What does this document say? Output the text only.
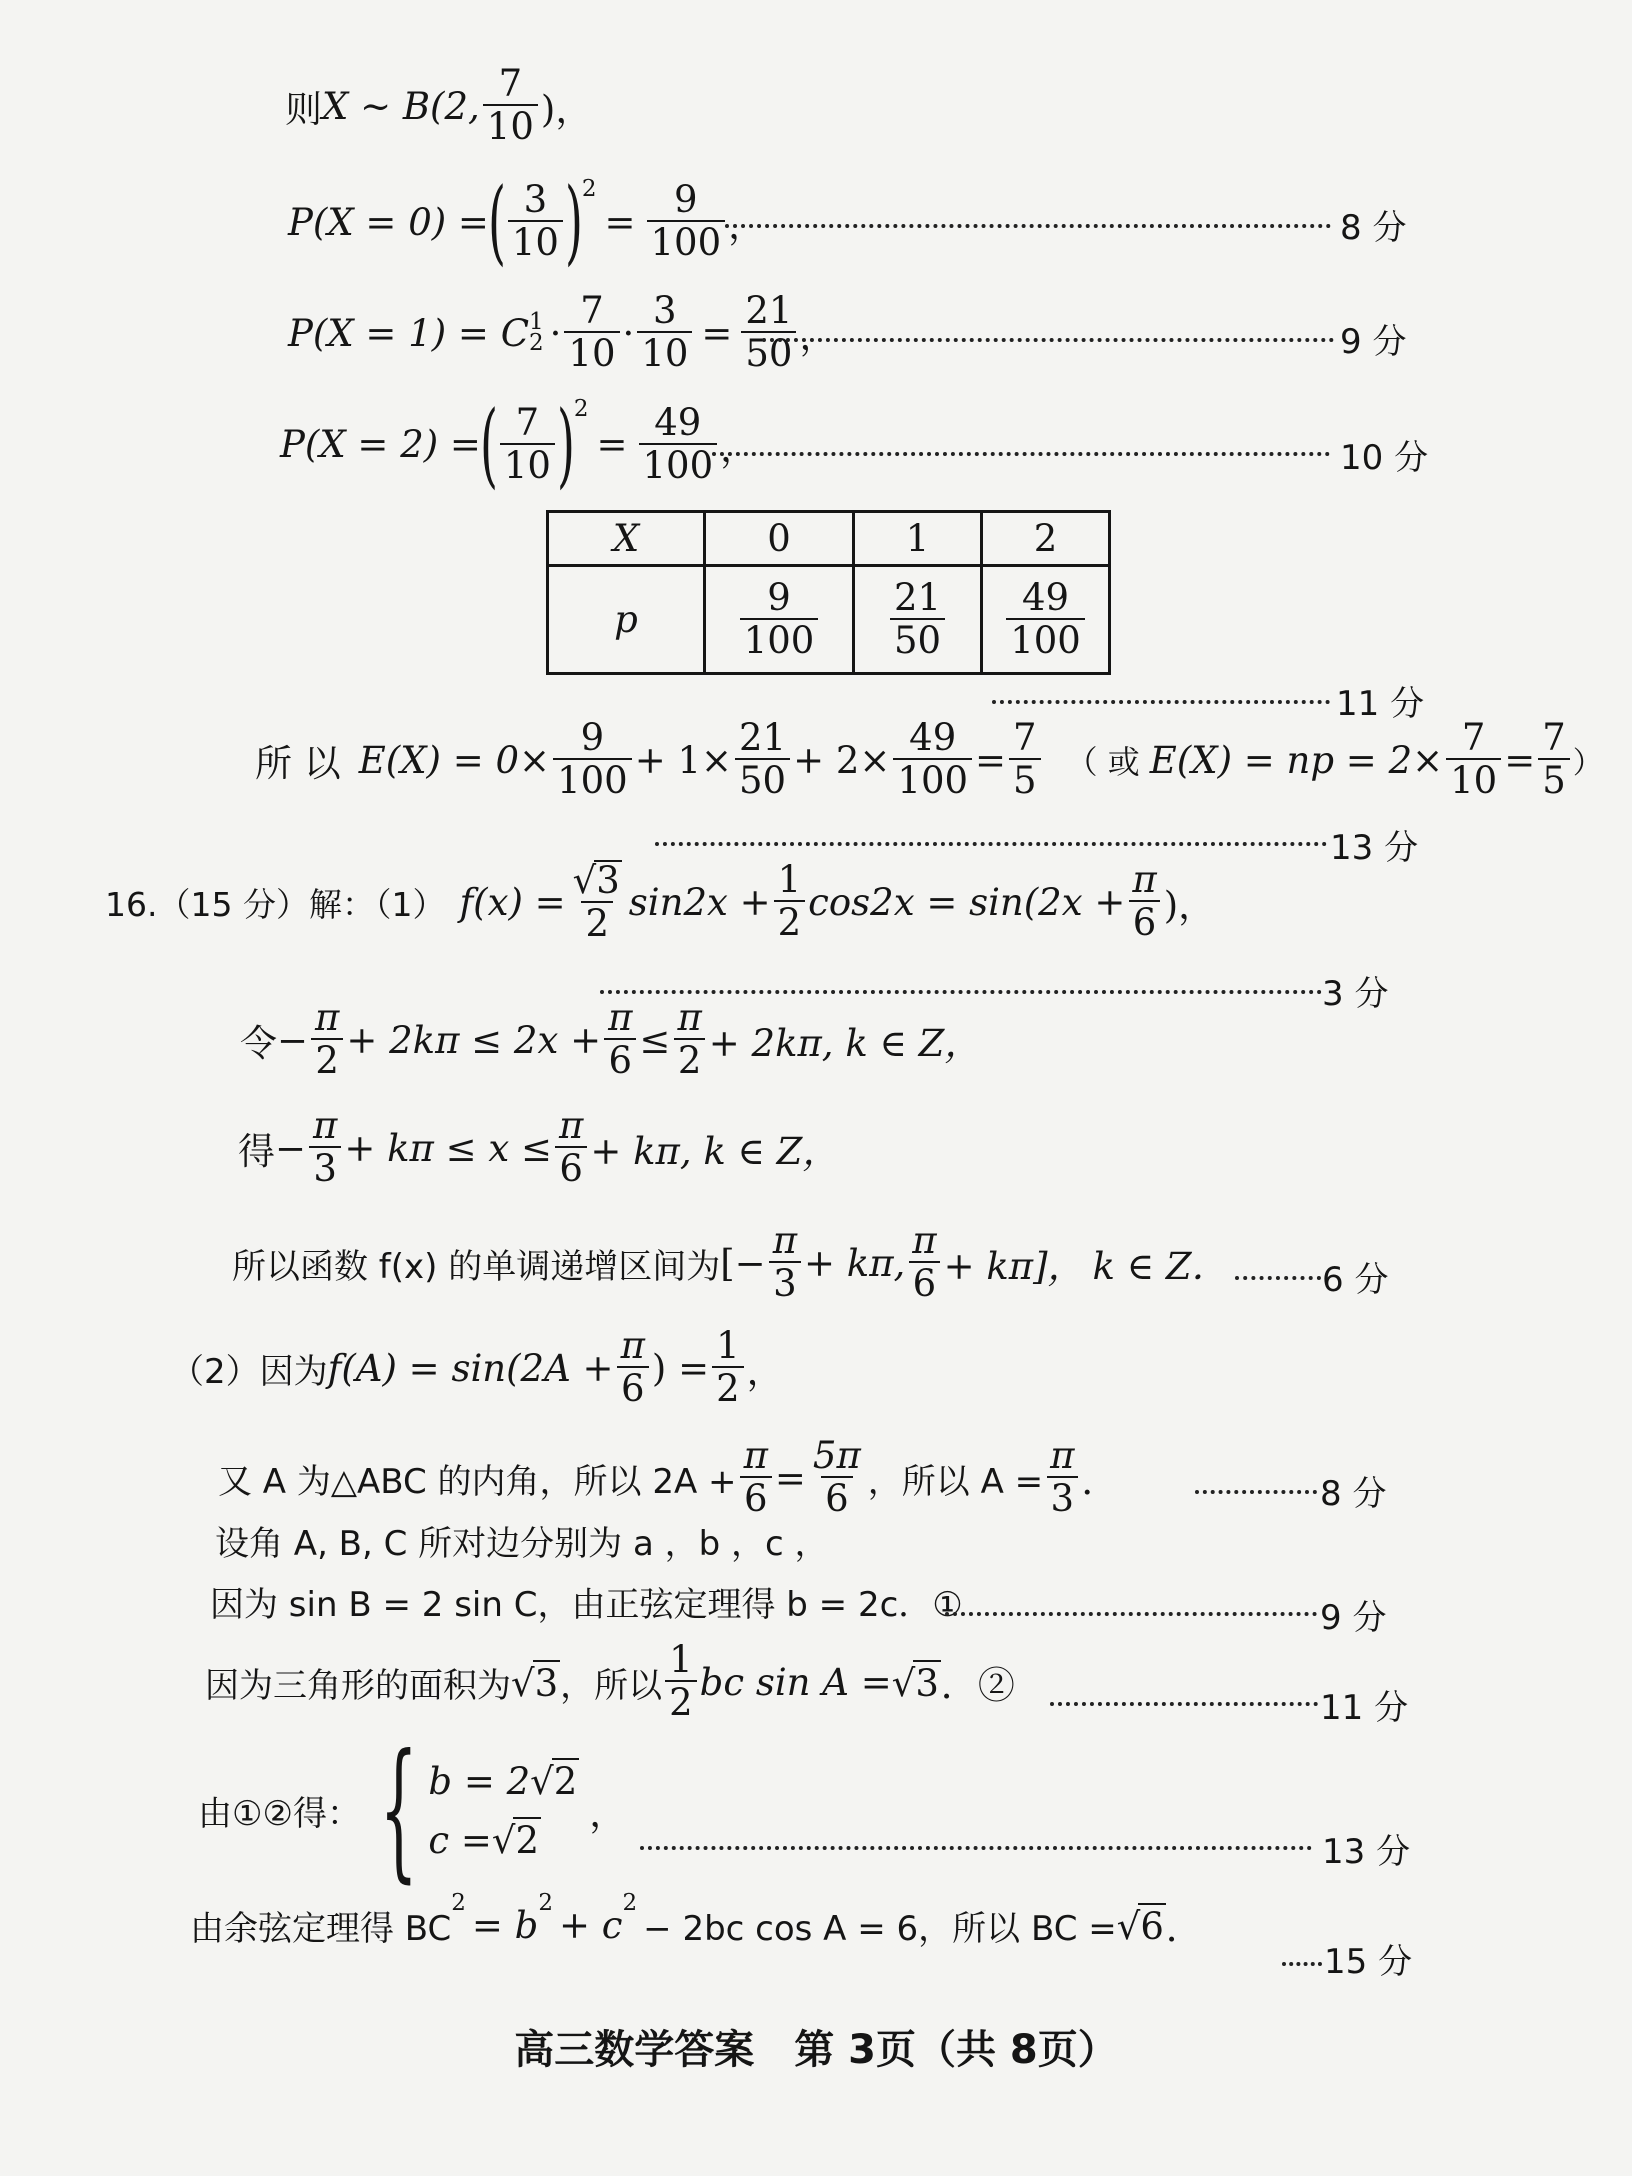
则 X ~ B(2,
7
10 )，
P(X = 0) =
( 3
10 )
2
= $\frac{9}{100}$ ，	8 分
P(X = 1) = C 1
2 ·
7
$10 \cdot \frac{3}{10} = \frac{21}{50}$ ，	9 分
P(X = 2) =
( 7
10 )
2
= $\frac{49}{100}$ ，	10 分
X	0	1	2
p	$\frac{9}{100}$	$\frac{21}{50}$	$\frac{49}{100}$
11 分
所 以 $E(X) = 0\times \frac{9}{100} + 1\times \frac{21}{50} + 2\times \frac{49}{100} = \frac{7}{5}$ （ 或 E(X) = np = $2\times \frac{7}{10} = \frac{7}{5}$ ）
13 分
16.（15 分）解：（1） $f(x) = \frac{√ 3}{2} \sin 2x + \frac{1}{2} \cos 2x = \sin(2x + \frac{\pi}{6}$ )，
3 分
令 − $\frac{\pi}{2} + 2k\pi \le 2x + \frac{\pi}{6} \le \frac{\pi}{2} + 2k\pi$, k ∈ Z，
得 − $\frac{\pi}{3} + k\pi \le x \le \frac{\pi}{6} + k\pi$, k ∈ Z，
所以函数 f(x) 的单调递增区间为 [− $\frac{\pi}{3} + k\pi$,
π
6 + kπ]， k ∈ Z．	6 分
（2）因为 $f(A) = \sin(2A + \frac{\pi}{6}$ ) = $\frac{1}{2}$ ，
又 A 为△ABC 的内角，所以 $2A + \frac{\pi}{6} = \frac{5\pi}{6}$ ，所以 $A = \frac{\pi}{3}$ ．	8 分
设角 A, B, C 所对边分别为 a ，b ，c ，
因为 sin B = 2 sin C，由正弦定理得 b = 2c．①	9 分
因为三角形的面积为 √ 3 ，所以
1
2 bc sin A = √ 3 ．②
11 分
由①②得： { b = 2 √ 2
c = √ 2
，
13 分
由余弦定理得 BC
$^2$
= b
$^2$
+ c
$^2$
− 2bc cos A = 6，所以 BC = √ 6 ．
15 分
高三数学答案　第 3页（共 8页）
